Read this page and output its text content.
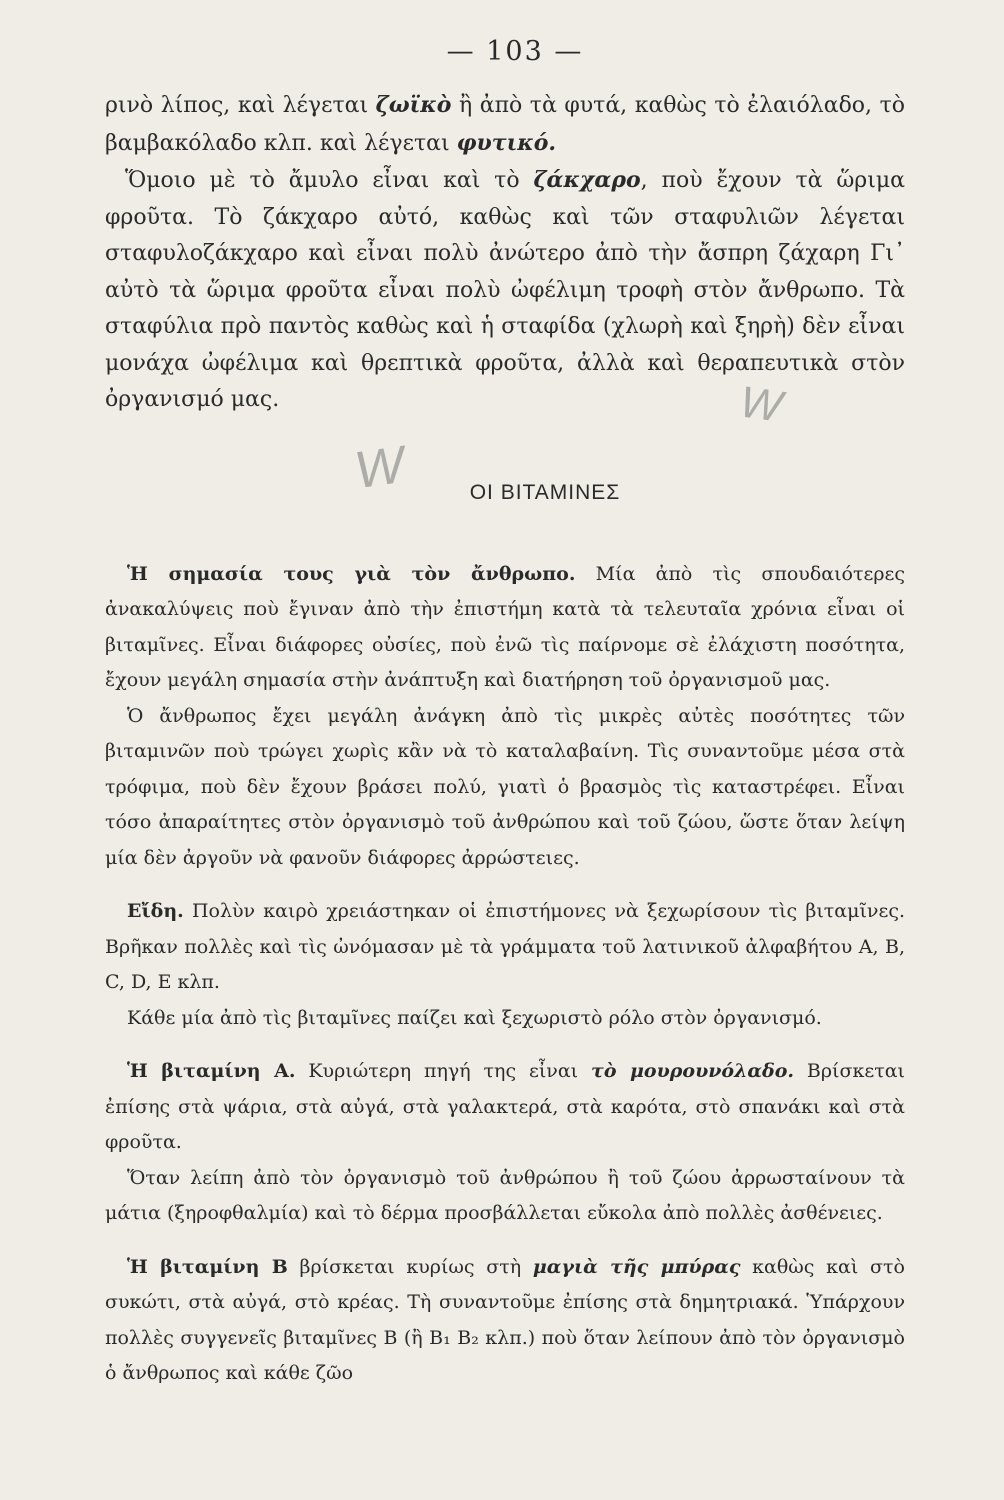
— 103 —

ρινὸ λίπος, καὶ λέγεται ζωϊκὸ ἢ ἀπὸ τὰ φυτά, καθὼς τὸ ἐλαιόλαδο, τὸ βαμβακόλαδο κλπ. καὶ λέγεται φυτικό.

Ὅμοιο μὲ τὸ ἄμυλο εἶναι καὶ τὸ ζάκχαρο, ποὺ ἔχουν τὰ ὥριμα φροῦτα. Τὸ ζάκχαρο αὐτό, καθὼς καὶ τῶν σταφυλιῶν λέγεται σταφυλοζάκχαρο καὶ εἶναι πολὺ ἀνώτερο ἀπὸ τὴν ἄσπρη ζάχαρη Γι᾽ αὐτὸ τὰ ὥριμα φροῦτα εἶναι πολὺ ὠφέλιμη τροφὴ στὸν ἄνθρωπο. Τὰ σταφύλια πρὸ παντὸς καθὼς καὶ ἡ σταφίδα (χλωρὴ καὶ ξηρὴ) δὲν εἶναι μονάχα ὠφέλιμα καὶ θρεπτικὰ φροῦτα, ἀλλὰ καὶ θεραπευτικὰ στὸν ὀργανισμό μας.

ΟΙ ΒΙΤΑΜΙΝΕΣ

Ἡ σημασία τους γιὰ τὸν ἄνθρωπο. Μία ἀπὸ τὶς σπουδαιότερες ἀνακαλύψεις ποὺ ἔγιναν ἀπὸ τὴν ἐπιστήμη κατὰ τὰ τελευταῖα χρόνια εἶναι οἱ βιταμῖνες. Εἶναι διάφορες οὐσίες, ποὺ ἐνῶ τὶς παίρνομε σὲ ἐλάχιστη ποσότητα, ἔχουν μεγάλη σημασία στὴν ἀνάπτυξη καὶ διατήρηση τοῦ ὀργανισμοῦ μας.

Ὁ ἄνθρωπος ἔχει μεγάλη ἀνάγκη ἀπὸ τὶς μικρὲς αὐτὲς ποσότητες τῶν βιταμινῶν ποὺ τρώγει χωρὶς κἂν νὰ τὸ καταλαβαίνη. Τὶς συναντοῦμε μέσα στὰ τρόφιμα, ποὺ δὲν ἔχουν βράσει πολύ, γιατὶ ὁ βρασμὸς τὶς καταστρέφει. Εἶναι τόσο ἀπαραίτητες στὸν ὀργανισμὸ τοῦ ἀνθρώπου καὶ τοῦ ζώου, ὥστε ὅταν λείψη μία δὲν ἀργοῦν νὰ φανοῦν διάφορες ἀρρώστειες.

Εἴδη. Πολὺν καιρὸ χρειάστηκαν οἱ ἐπιστήμονες νὰ ξεχωρίσουν τὶς βιταμῖνες. Βρῆκαν πολλὲς καὶ τὶς ὠνόμασαν μὲ τὰ γράμματα τοῦ λατινικοῦ ἀλφαβήτου A, B, C, D, E κλπ.

Κάθε μία ἀπὸ τὶς βιταμῖνες παίζει καὶ ξεχωριστὸ ρόλο στὸν ὀργανισμό.

Ἡ βιταμίνη Α. Κυριώτερη πηγή της εἶναι τὸ μουρουνόλαδο. Βρίσκεται ἐπίσης στὰ ψάρια, στὰ αὐγά, στὰ γαλακτερά, στὰ καρότα, στὸ σπανάκι καὶ στὰ φροῦτα.

Ὅταν λείπη ἀπὸ τὸν ὀργανισμὸ τοῦ ἀνθρώπου ἢ τοῦ ζώου ἀρρωσταίνουν τὰ μάτια (ξηροφθαλμία) καὶ τὸ δέρμα προσβάλλεται εὔκολα ἀπὸ πολλὲς ἀσθένειες.

Ἡ βιταμίνη Β βρίσκεται κυρίως στὴ μαγιὰ τῆς μπύρας καθὼς καὶ στὸ συκώτι, στὰ αὐγά, στὸ κρέας. Τὴ συναντοῦμε ἐπίσης στὰ δημητριακά. Ὑπάρχουν πολλὲς συγγενεῖς βιταμῖνες Β (ἢ Β₁ Β₂ κλπ.) ποὺ ὅταν λείπουν ἀπὸ τὸν ὀργανισμὸ ὁ ἄνθρωπος καὶ κάθε ζῶο

W
W
